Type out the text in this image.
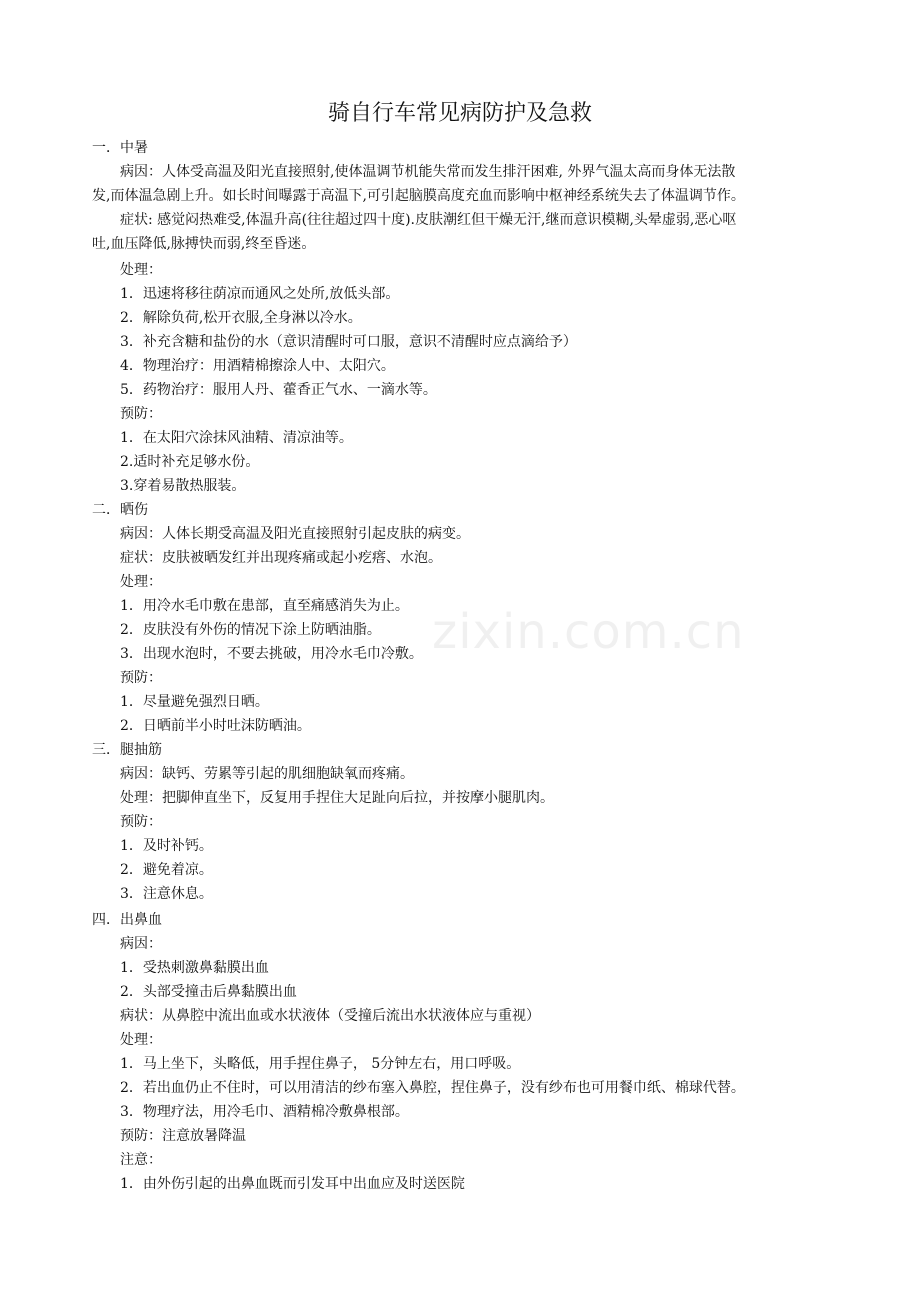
骑自行车常见病防护及急救
zixin.com.cn
一．中暑
病因：人体受高温及阳光直接照射,使体温调节机能失常而发生排汗困难, 外界气温太高而身体无法散
发,而体温急剧上升。如长时间曝露于高温下,可引起脑膜高度充血而影响中枢神经系统失去了体温调节作。
症状: 感觉闷热难受,体温升高(往往超过四十度).皮肤潮红但干燥无汗,继而意识模糊,头晕虚弱,恶心呕
吐,血压降低,脉搏快而弱,终至昏迷。
处理：
1．迅速将移往荫凉而通风之处所,放低头部。
2．解除负荷,松开衣服,全身淋以冷水。
3．补充含糖和盐份的水（意识清醒时可口服，意识不清醒时应点滴给予）
4．物理治疗：用酒精棉擦涂人中、太阳穴。
5．药物治疗：服用人丹、藿香正气水、一滴水等。
预防：
1．在太阳穴涂抹风油精、清凉油等。
2.适时补充足够水份。
3.穿着易散热服装。
二．晒伤
病因：人体长期受高温及阳光直接照射引起皮肤的病变。
症状：皮肤被晒发红并出现疼痛或起小疙瘩、水泡。
处理：
1．用冷水毛巾敷在患部，直至痛感消失为止。
2．皮肤没有外伤的情况下涂上防晒油脂。
3．出现水泡时，不要去挑破，用冷水毛巾冷敷。
预防：
1．尽量避免强烈日晒。
2．日晒前半小时吐沫防晒油。
三．腿抽筋
病因：缺钙、劳累等引起的肌细胞缺氧而疼痛。
处理：把脚伸直坐下，反复用手捏住大足趾向后拉，并按摩小腿肌肉。
预防：
1．及时补钙。
2．避免着凉。
3．注意休息。
四．出鼻血
病因：
1．受热刺激鼻黏膜出血
2．头部受撞击后鼻黏膜出血
病状：从鼻腔中流出血或水状液体（受撞后流出水状液体应与重视）
处理：
1．马上坐下，头略低，用手捏住鼻子， 5分钟左右，用口呼吸。
2．若出血仍止不住时，可以用清洁的纱布塞入鼻腔，捏住鼻子，没有纱布也可用餐巾纸、棉球代替。
3．物理疗法，用冷毛巾、酒精棉冷敷鼻根部。
预防：注意放暑降温
注意：
1．由外伤引起的出鼻血既而引发耳中出血应及时送医院
